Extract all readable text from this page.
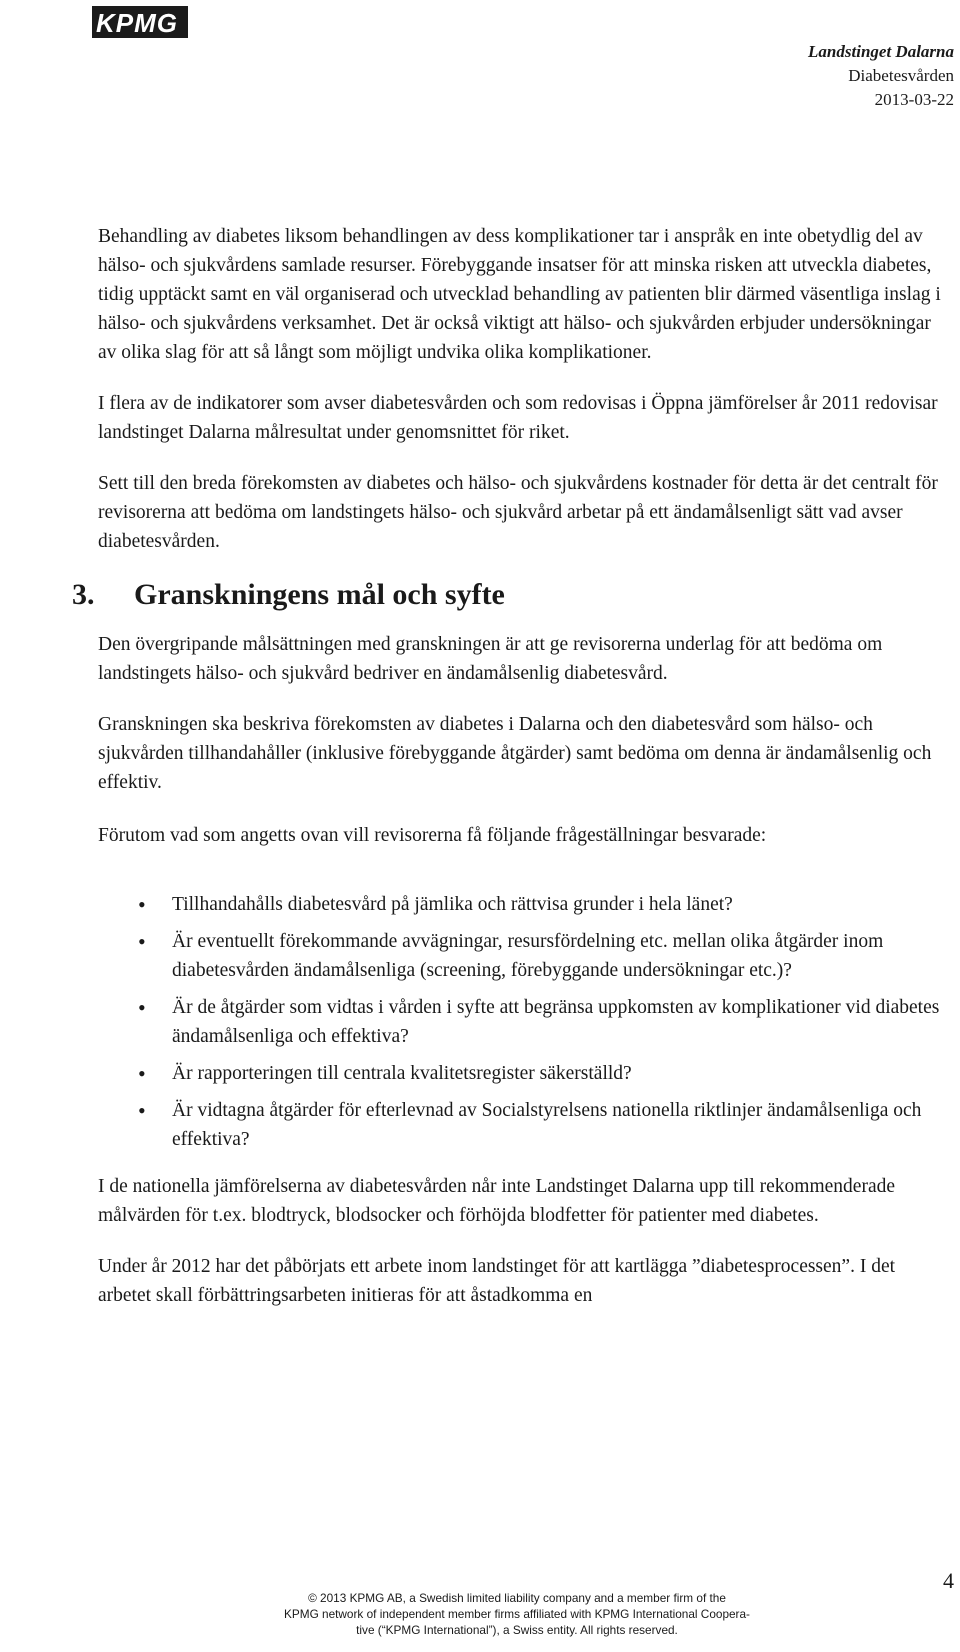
KPMG
Landstinget Dalarna
Diabetesvården
2013-03-22

Behandling av diabetes liksom behandlingen av dess komplikationer tar i anspråk en inte obetydlig del av hälso- och sjukvårdens samlade resurser. Förebyggande insatser för att minska risken att utveckla diabetes, tidig upptäckt samt en väl organiserad och utvecklad behandling av patienten blir därmed väsentliga inslag i hälso- och sjukvårdens verksamhet. Det är också viktigt att hälso- och sjukvården erbjuder undersökningar av olika slag för att så långt som möjligt undvika olika komplikationer.

I flera av de indikatorer som avser diabetesvården och som redovisas i Öppna jämförelser år 2011 redovisar landstinget Dalarna målresultat under genomsnittet för riket.

Sett till den breda förekomsten av diabetes och hälso- och sjukvårdens kostnader för detta är det centralt för revisorerna att bedöma om landstingets hälso- och sjukvård arbetar på ett ändamålsenligt sätt vad avser diabetesvården.

3. Granskningens mål och syfte

Den övergripande målsättningen med granskningen är att ge revisorerna underlag för att bedöma om landstingets hälso- och sjukvård bedriver en ändamålsenlig diabetesvård.

Granskningen ska beskriva förekomsten av diabetes i Dalarna och den diabetesvård som hälso- och sjukvården tillhandahåller (inklusive förebyggande åtgärder) samt bedöma om denna är ändamålsenlig och effektiv.

Förutom vad som angetts ovan vill revisorerna få följande frågeställningar besvarade:

• Tillhandahålls diabetesvård på jämlika och rättvisa grunder i hela länet?
• Är eventuellt förekommande avvägningar, resursfördelning etc. mellan olika åtgärder inom diabetesvården ändamålsenliga (screening, förebyggande undersökningar etc.)?
• Är de åtgärder som vidtas i vården i syfte att begränsa uppkomsten av komplikationer vid diabetes ändamålsenliga och effektiva?
• Är rapporteringen till centrala kvalitetsregister säkerställd?
• Är vidtagna åtgärder för efterlevnad av Socialstyrelsens nationella riktlinjer ändamålsenliga och effektiva?

I de nationella jämförelserna av diabetesvården når inte Landstinget Dalarna upp till rekommenderade målvärden för t.ex. blodtryck, blodsocker och förhöjda blodfetter för patienter med diabetes.

Under år 2012 har det påbörjats ett arbete inom landstinget för att kartlägga ”diabetesprocessen”. I det arbetet skall förbättringsarbeten initieras för att åstadkomma en

4
© 2013 KPMG AB, a Swedish limited liability company and a member firm of the
KPMG network of independent member firms affiliated with KPMG International Coopera-
tive (“KPMG International”), a Swiss entity. All rights reserved.
